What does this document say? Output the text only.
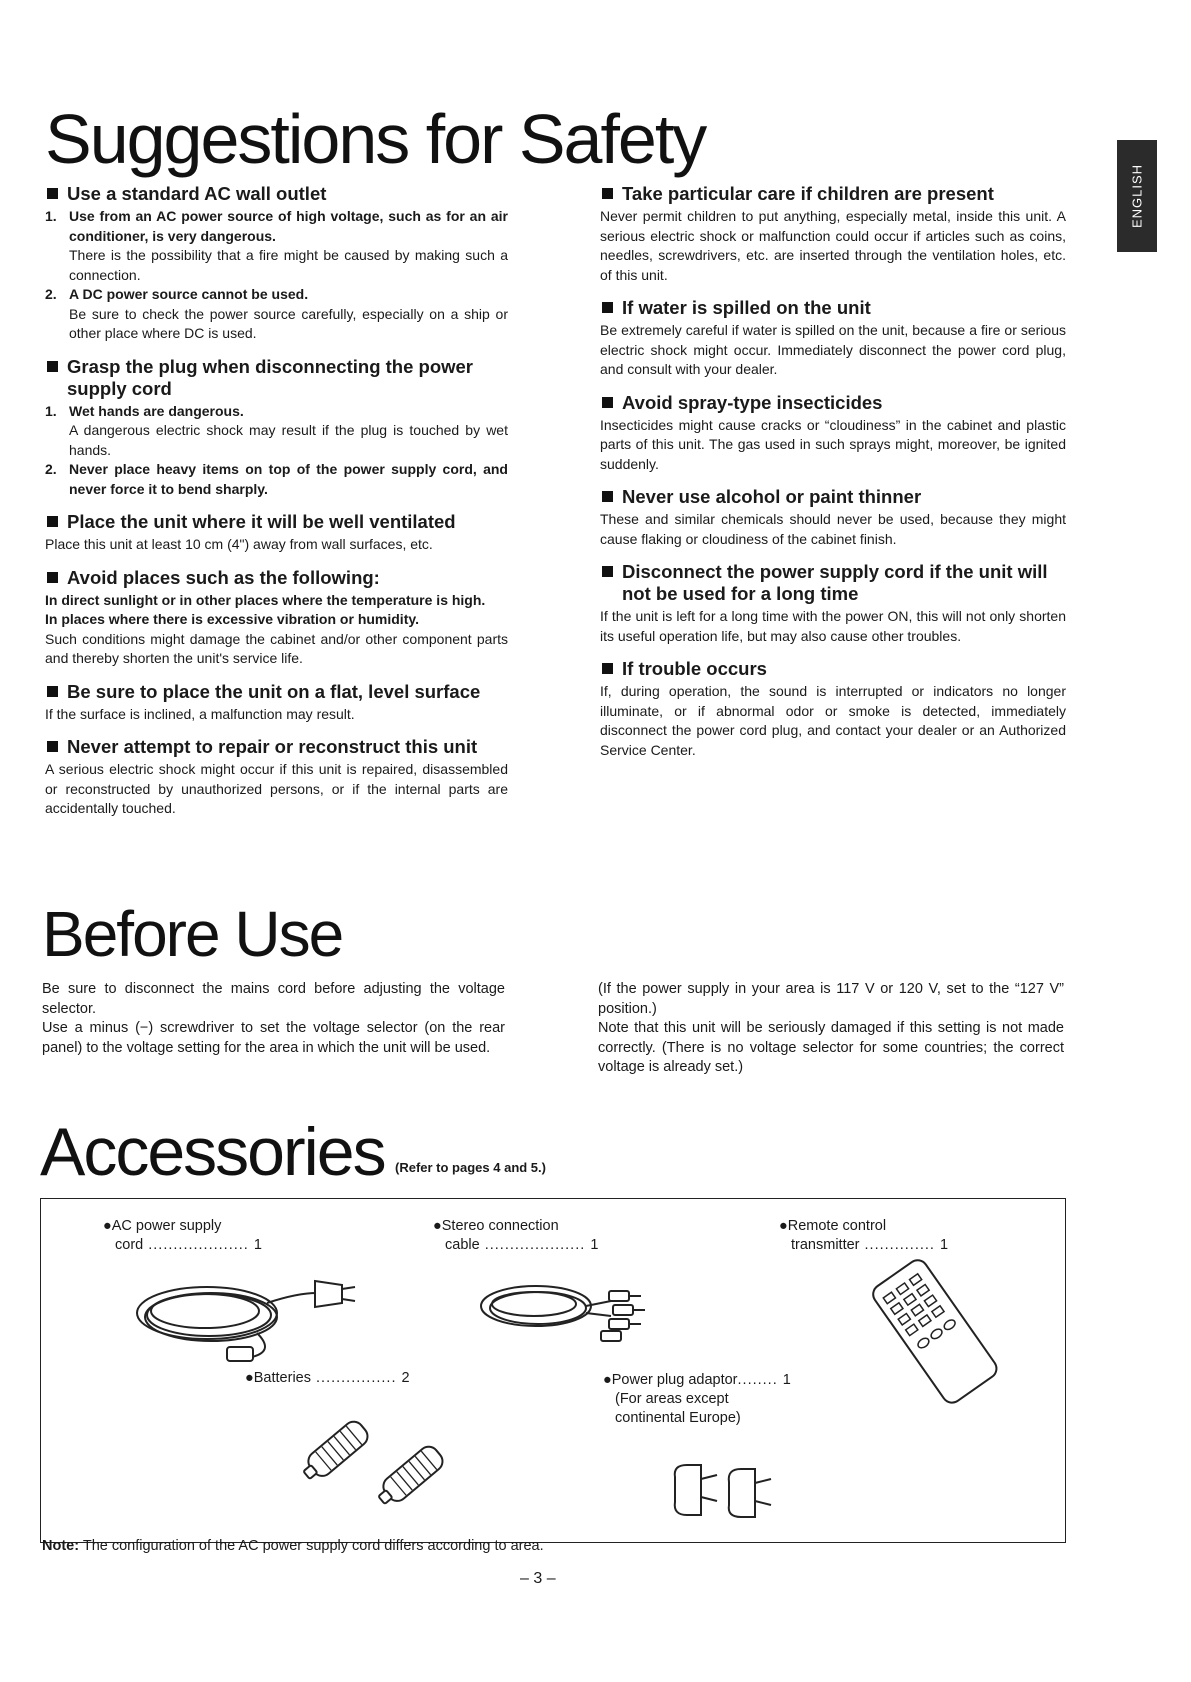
ENGLISH
Suggestions for Safety
Use a standard AC wall outlet
1. Use from an AC power source of high voltage, such as for an air conditioner, is very dangerous.

There is the possibility that a fire might be caused by making such a connection.

2. A DC power source cannot be used.

Be sure to check the power source carefully, especially on a ship or other place where DC is used.

Grasp the plug when disconnecting the power supply cord
1. Wet hands are dangerous.

A dangerous electric shock may result if the plug is touched by wet hands.

2. Never place heavy items on top of the power supply cord, and never force it to bend sharply.
Place the unit where it will be well ventilated

Place this unit at least 10 cm (4") away from wall surfaces, etc.

Avoid places such as the following:

In direct sunlight or in other places where the temperature is high.

In places where there is excessive vibration or humidity.

Such conditions might damage the cabinet and/or other component parts and thereby shorten the unit's service life.

Be sure to place the unit on a flat, level surface

If the surface is inclined, a malfunction may result.

Never attempt to repair or reconstruct this unit

A serious electric shock might occur if this unit is repaired, disassembled or reconstructed by unauthorized persons, or if the internal parts are accidentally touched.

Take particular care if children are present

Never permit children to put anything, especially metal, inside this unit. A serious electric shock or malfunction could occur if articles such as coins, needles, screwdrivers, etc. are inserted through the ventilation holes, etc. of this unit.

If water is spilled on the unit

Be extremely careful if water is spilled on the unit, because a fire or serious electric shock might occur. Immediately disconnect the power cord plug, and consult with your dealer.

Avoid spray-type insecticides

Insecticides might cause cracks or “cloudiness” in the cabinet and plastic parts of this unit. The gas used in such sprays might, moreover, be ignited suddenly.

Never use alcohol or paint thinner

These and similar chemicals should never be used, because they might cause flaking or cloudiness of the cabinet finish.

Disconnect the power supply cord if the unit will not be used for a long time

If the unit is left for a long time with the power ON, this will not only shorten its useful operation life, but may also cause other troubles.

If trouble occurs

If, during operation, the sound is interrupted or indicators no longer illuminate, or if abnormal odor or smoke is detected, immediately disconnect the power cord plug, and contact your dealer or an Authorized Service Center.

Before Use

Be sure to disconnect the mains cord before adjusting the voltage selector.

Use a minus (−) screwdriver to set the voltage selector (on the rear panel) to the voltage setting for the area in which the unit will be used.

(If the power supply in your area is 117 V or 120 V, set to the “127 V” position.)

Note that this unit will be seriously damaged if this setting is not made correctly. (There is no voltage selector for some countries; the correct voltage is already set.)

Accessories (Refer to pages 4 and 5.)
●AC power supply
cord .................... 1
●Stereo connection
cable .................... 1
●Remote control
transmitter .............. 1
●Batteries ................ 2	●Power plug adaptor........ 1
(For areas except
continental Europe)
Note: The configuration of the AC power supply cord differs according to area.
– 3 –
